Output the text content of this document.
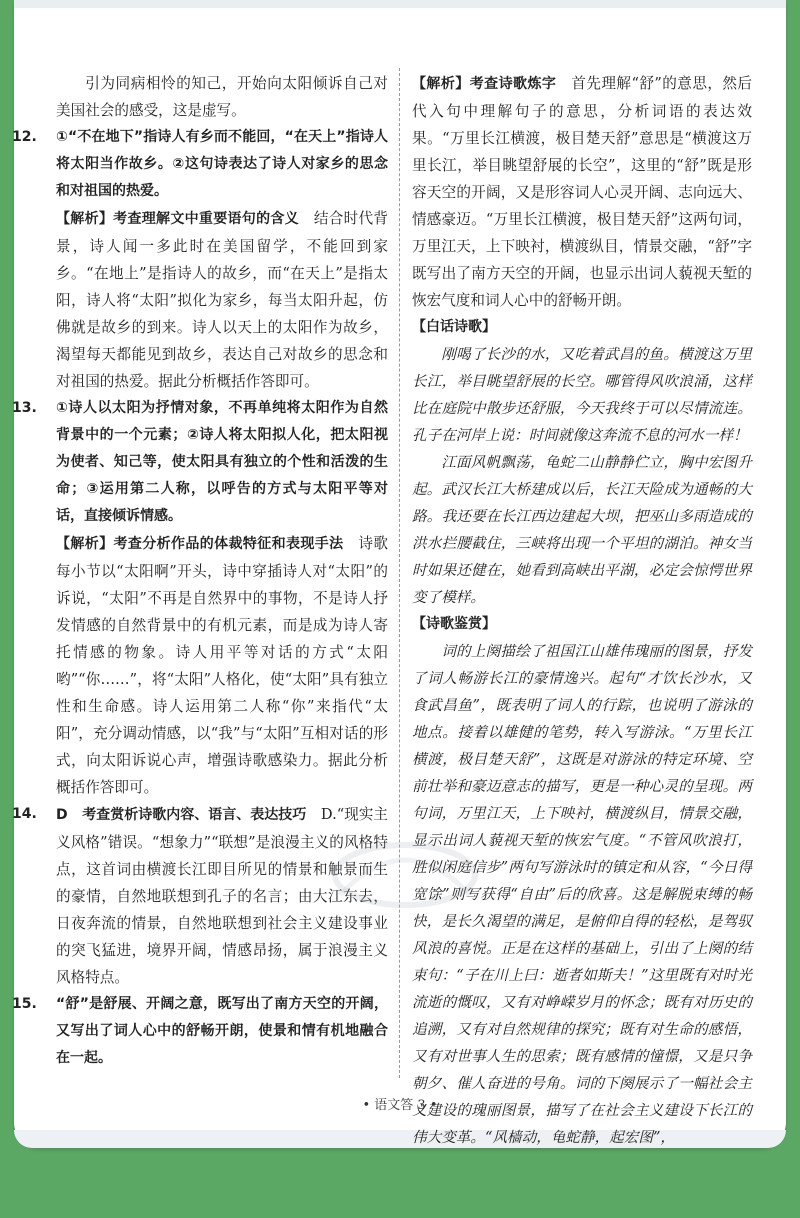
引为同病相怜的知己，开始向太阳倾诉自己对美国社会的感受，这是虚写。

12. ①“不在地下”指诗人有乡而不能回，“在天上”指诗人将太阳当作故乡。②这句诗表达了诗人对家乡的思念和对祖国的热爱。

【解析】考查理解文中重要语句的含义　 结合时代背景，诗人闻一多此时在美国留学，不能回到家乡。“在地上”是指诗人的故乡，而“在天上”是指太阳，诗人将“太阳”拟化为家乡，每当太阳升起，仿佛就是故乡的到来。诗人以天上的太阳作为故乡，渴望每天都能见到故乡，表达自己对故乡的思念和对祖国的热爱。据此分析概括作答即可。

13. ①诗人以太阳为抒情对象，不再单纯将太阳作为自然背景中的一个元素；②诗人将太阳拟人化，把太阳视为使者、知己等，使太阳具有独立的个性和活泼的生命；③运用第二人称，以呼告的方式与太阳平等对话，直接倾诉情感。

【解析】考查分析作品的体裁特征和表现手法　 诗歌每小节以“太阳啊”开头，诗中穿插诗人对“太阳”的诉说，“太阳”不再是自然界中的事物，不是诗人抒发情感的自然背景中的有机元素，而是成为诗人寄托情感的物象。诗人用平等对话的方式“太阳哟”“你……”，将“太阳”人格化，使“太阳”具有独立性和生命感。诗人运用第二人称“你”来指代“太阳”，充分调动情感，以“我”与“太阳”互相对话的形式，向太阳诉说心声，增强诗歌感染力。据此分析概括作答即可。

14. D　 考查赏析诗歌内容、语言、表达技巧　 D.“现实主义风格”错误。“想象力”“联想”是浪漫主义的风格特点，这首词由横渡长江即目所见的情景和触景而生的豪情，自然地联想到孔子的名言；由大江东去，日夜奔流的情景，自然地联想到社会主义建设事业的突飞猛进，境界开阔，情感昂扬，属于浪漫主义风格特点。

15. “舒”是舒展、开阔之意，既写出了南方天空的开阔，又写出了词人心中的舒畅开朗，使景和情有机地融合在一起。

【解析】考查诗歌炼字　 首先理解“舒”的意思，然后代入句中理解句子的意思，分析词语的表达效果。“万里长江横渡，极目楚天舒”意思是“横渡这万里长江，举目眺望舒展的长空”，这里的“舒”既是形容天空的开阔，又是形容词人心灵开阔、志向远大、情感豪迈。“万里长江横渡，极目楚天舒”这两句词，万里江天，上下映衬，横渡纵目，情景交融，“舒”字既写出了南方天空的开阔，也显示出词人藐视天堑的恢宏气度和词人心中的舒畅开朗。

【白话诗歌】

刚喝了长沙的水，又吃着武昌的鱼。横渡这万里长江，举目眺望舒展的长空。哪管得风吹浪涌，这样比在庭院中散步还舒服，今天我终于可以尽情流连。孔子在河岸上说：时间就像这奔流不息的河水一样！

江面风帆飘荡，龟蛇二山静静伫立，胸中宏图升起。武汉长江大桥建成以后，长江天险成为通畅的大路。我还要在长江西边建起大坝，把巫山多雨造成的洪水拦腰截住，三峡将出现一个平坦的湖泊。神女当时如果还健在，她看到高峡出平湖，必定会惊愕世界变了模样。

【诗歌鉴赏】

词的上阕描绘了祖国江山雄伟瑰丽的图景，抒发了词人畅游长江的豪情逸兴。起句“才饮长沙水，又食武昌鱼”，既表明了词人的行踪，也说明了游泳的地点。接着以雄健的笔势，转入写游泳。“万里长江横渡，极目楚天舒”，这既是对游泳的特定环境、空前壮举和豪迈意志的描写，更是一种心灵的呈现。两句词，万里江天，上下映衬，横渡纵目，情景交融，显示出词人藐视天堑的恢宏气度。“不管风吹浪打，胜似闲庭信步”两句写游泳时的镇定和从容，“今日得宽馀”则写获得“自由”后的欣喜。这是解脱束缚的畅快，是长久渴望的满足，是俯仰自得的轻松，是驾驭风浪的喜悦。正是在这样的基础上，引出了上阕的结束句：“子在川上曰：逝者如斯夫！”这里既有对时光流逝的慨叹，又有对峥嵘岁月的怀念；既有对历史的追溯，又有对自然规律的探究；既有对生命的感悟，又有对世事人生的思索；既有感情的憧憬，又是只争朝夕、催人奋进的号角。词的下阕展示了一幅社会主义建设的瑰丽图景，描写了在社会主义建设下长江的伟大变革。“风樯动，龟蛇静，起宏图”，

• 语文答 3 •
